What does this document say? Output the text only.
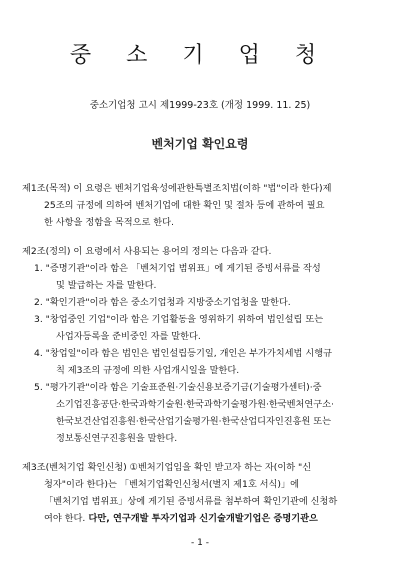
중 소 기 업 청
중소기업청 고시 제1999-23호 (개정 1999. 11. 25)
벤처기업 확인요령
제1조(목적) 이 요령은 벤처기업육성에관한특별조치법(이하 "법"이라 한다)제
25조의 규정에 의하여 벤처기업에 대한 확인 및 절차 등에 관하여 필요
한 사항을 정함을 목적으로 한다.
제2조(정의) 이 요령에서 사용되는 용어의 정의는 다음과 같다.
1. "증명기관"이라 함은 「벤처기업 범위표」에 게기된 증빙서류를 작성
및 발급하는 자를 말한다.
2. "확인기관"이라 함은 중소기업청과 지방중소기업청을 말한다.
3. "창업중인 기업"이라 함은 기업활동을 영위하기 위하여 법인설립 또는
사업자등록을 준비중인 자를 말한다.
4. "창업일"이라 함은 법인은 법인설립등기일, 개인은 부가가치세법 시행규
칙 제3조의 규정에 의한 사업개시일을 말한다.
5. "평가기관"이라 함은 기술표준원·기술신용보증기금(기술평가센터)·중
소기업진흥공단·한국과학기술원·한국과학기술평가원·한국벤처연구소·
한국보건산업진흥원·한국산업기술평가원·한국산업디자인진흥원 또는
정보통신연구진흥원을 말한다.
제3조(벤처기업 확인신청) ①벤처기업임을 확인 받고자 하는 자(이하 "신
청자"이라 한다)는 「벤처기업확인신청서(별지 제1호 서식)」에
「벤처기업 범위표」상에 게기된 증빙서류를 첨부하여 확인기관에 신청하
여야 한다. 다만, 연구개발 투자기업과 신기술개발기업은 증명기관으
- 1 -
